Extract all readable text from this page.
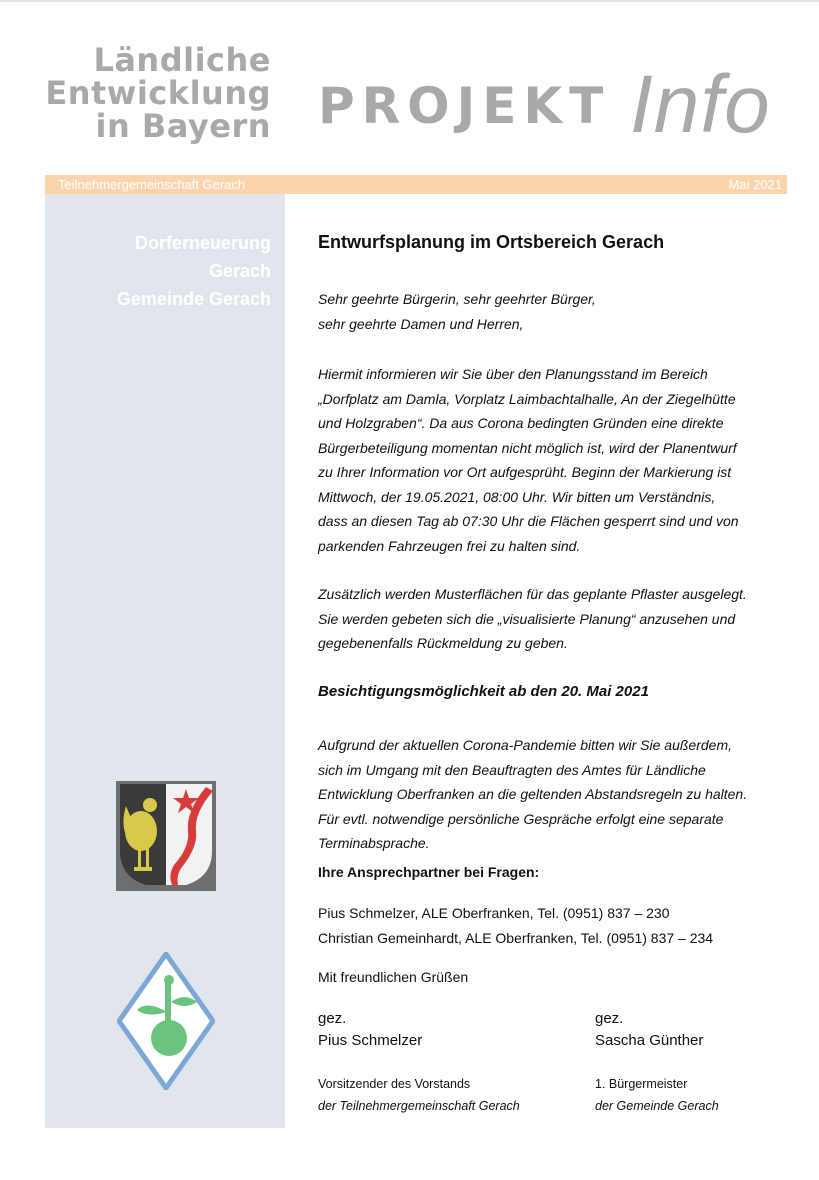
Ländliche
Entwicklung
in Bayern PROJEKT Info
Teilnehmergemeinschaft Gerach	Mai 2021
Dorferneuerung
Gerach
Gemeinde Gerach
Entwurfsplanung im Ortsbereich Gerach

Sehr geehrte Bürgerin, sehr geehrter Bürger,

sehr geehrte Damen und Herren,

Hiermit informieren wir Sie über den Planungsstand im Bereich

„Dorfplatz am Damla, Vorplatz Laimbachtalhalle, An der Ziegelhütte

und Holzgraben“. Da aus Corona bedingten Gründen eine direkte

Bürgerbeteiligung momentan nicht möglich ist, wird der Planentwurf

zu Ihrer Information vor Ort aufgesprüht. Beginn der Markierung ist

Mittwoch, der 19.05.2021, 08:00 Uhr. Wir bitten um Verständnis,

dass an diesen Tag ab 07:30 Uhr die Flächen gesperrt sind und von

parkenden Fahrzeugen frei zu halten sind.

Zusätzlich werden Musterflächen für das geplante Pflaster ausgelegt.

Sie werden gebeten sich die „visualisierte Planung“ anzusehen und

gegebenenfalls Rückmeldung zu geben.

Besichtigungsmöglichkeit ab den 20. Mai 2021

Aufgrund der aktuellen Corona-Pandemie bitten wir Sie außerdem,

sich im Umgang mit den Beauftragten des Amtes für Ländliche

Entwicklung Oberfranken an die geltenden Abstandsregeln zu halten.

Für evtl. notwendige persönliche Gespräche erfolgt eine separate

Terminabsprache.

Ihre Ansprechpartner bei Fragen:

Pius Schmelzer, ALE Oberfranken, Tel. (0951) 837 – 230

Christian Gemeinhardt, ALE Oberfranken, Tel. (0951) 837 – 234

Mit freundlichen Grüßen
gez.
Pius Schmelzer
gez.
Sascha Günther
Vorsitzender des Vorstands
der Teilnehmergemeinschaft Gerach
1. Bürgermeister
der Gemeinde Gerach
